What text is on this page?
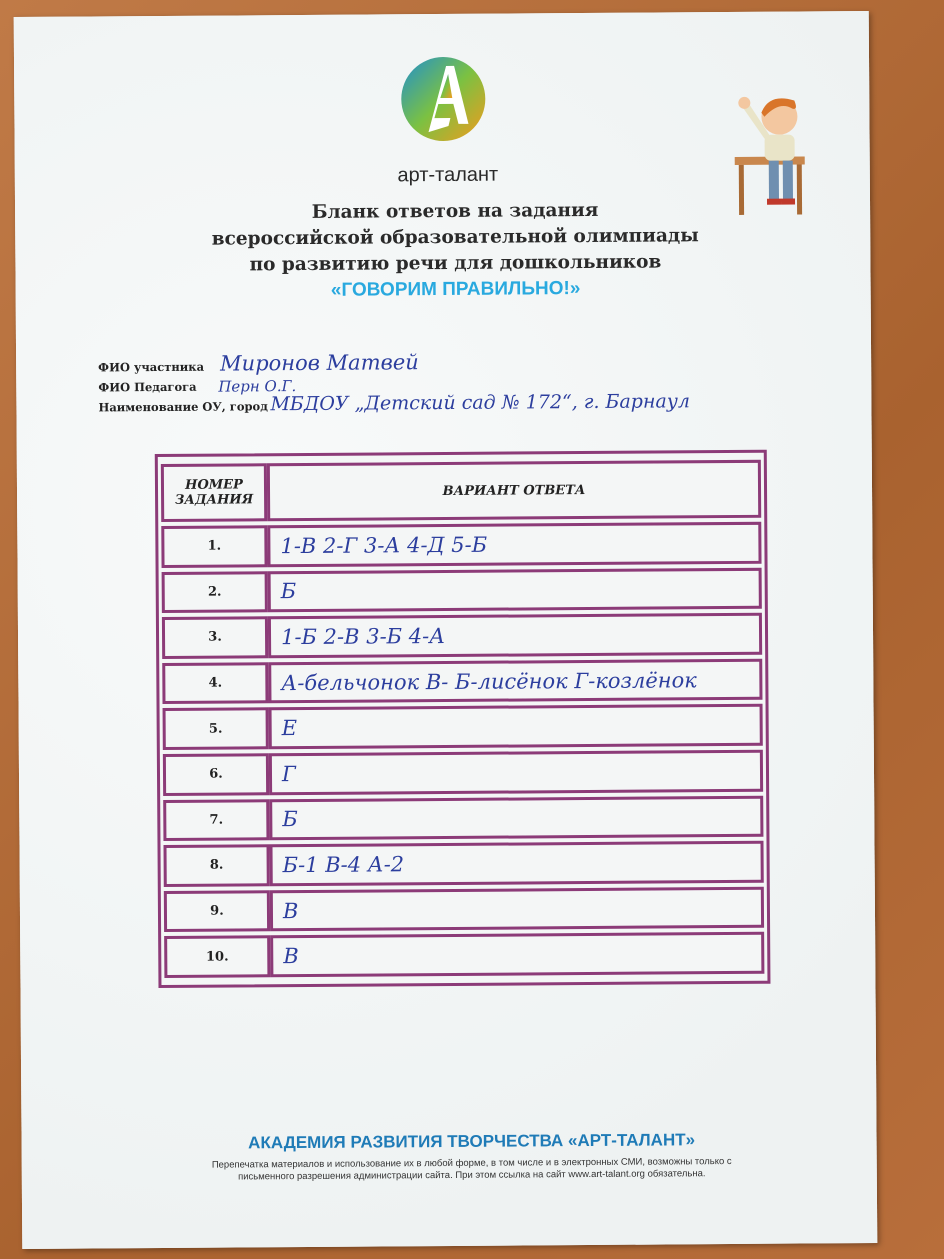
арт-талант
Бланк ответов на задания
всероссийской образовательной олимпиады
по развитию речи для дошкольников
«ГОВОРИМ ПРАВИЛЬНО!»
ФИО участника Миронов Матвей
ФИО Педагога Перн О.Г.
Наименование ОУ, город МБДОУ „Детский сад № 172“, г. Барнаул
НОМЕР ЗАДАНИЯ	ВАРИАНТ ОТВЕТА
1.	1-В 2-Г 3-А 4-Д 5-Б
2.	Б
3.	1-Б 2-В 3-Б 4-А
4.	А-бельчонок В- Б-лисёнок Г-козлёнок
5.	Е
6.	Г
7.	Б
8.	Б-1 В-4 А-2
9.	В
10.	В
АКАДЕМИЯ РАЗВИТИЯ ТВОРЧЕСТВА «АРТ-ТАЛАНТ»
Перепечатка материалов и использование их в любой форме, в том числе и в электронных СМИ, возможны только с
письменного разрешения администрации сайта. При этом ссылка на сайт www.art-talant.org обязательна.
